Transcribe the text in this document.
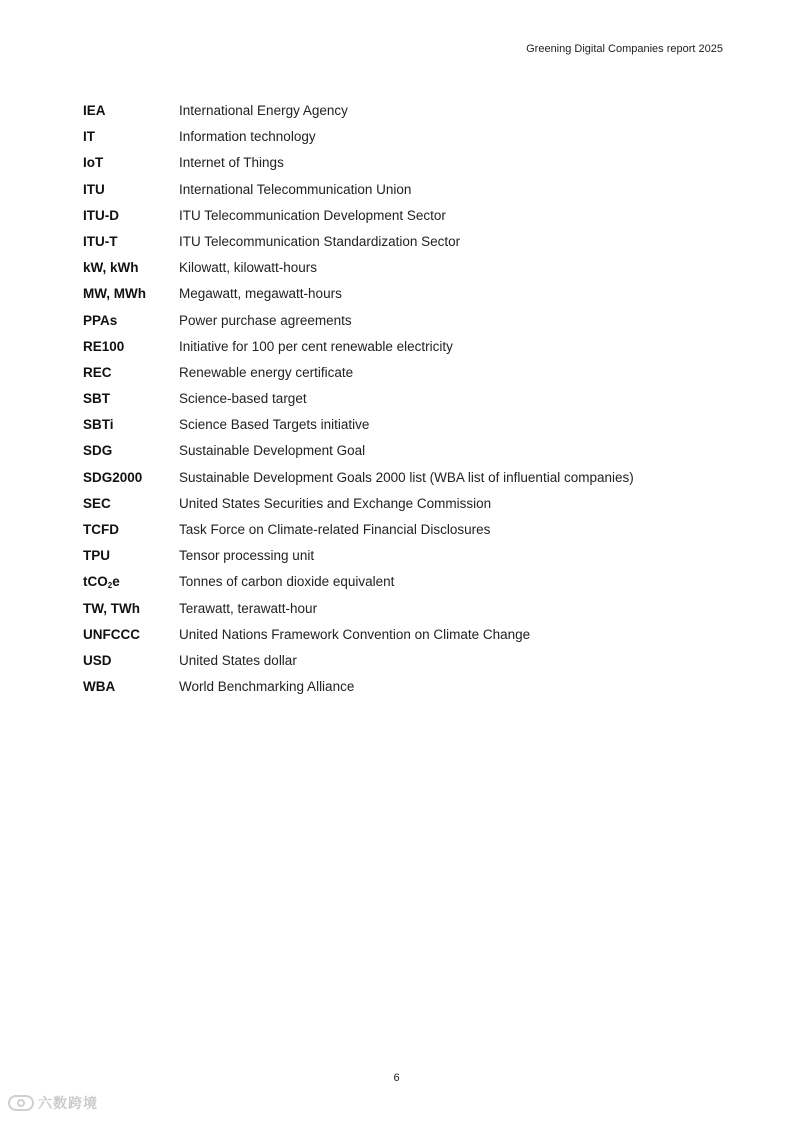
Greening Digital Companies report 2025
IEA	International Energy Agency
IT	Information technology
IoT	Internet of Things
ITU	International Telecommunication Union
ITU-D	ITU Telecommunication Development Sector
ITU-T	ITU Telecommunication Standardization Sector
kW, kWh	Kilowatt, kilowatt-hours
MW, MWh	Megawatt, megawatt-hours
PPAs	Power purchase agreements
RE100	Initiative for 100 per cent renewable electricity
REC	Renewable energy certificate
SBT	Science-based target
SBTi	Science Based Targets initiative
SDG	Sustainable Development Goal
SDG2000	Sustainable Development Goals 2000 list (WBA list of influential companies)
SEC	United States Securities and Exchange Commission
TCFD	Task Force on Climate-related Financial Disclosures
TPU	Tensor processing unit
tCO$_2$e	Tonnes of carbon dioxide equivalent
TW, TWh	Terawatt, terawatt-hour
UNFCCC	United Nations Framework Convention on Climate Change
USD	United States dollar
WBA	World Benchmarking Alliance
6
六数跨境
